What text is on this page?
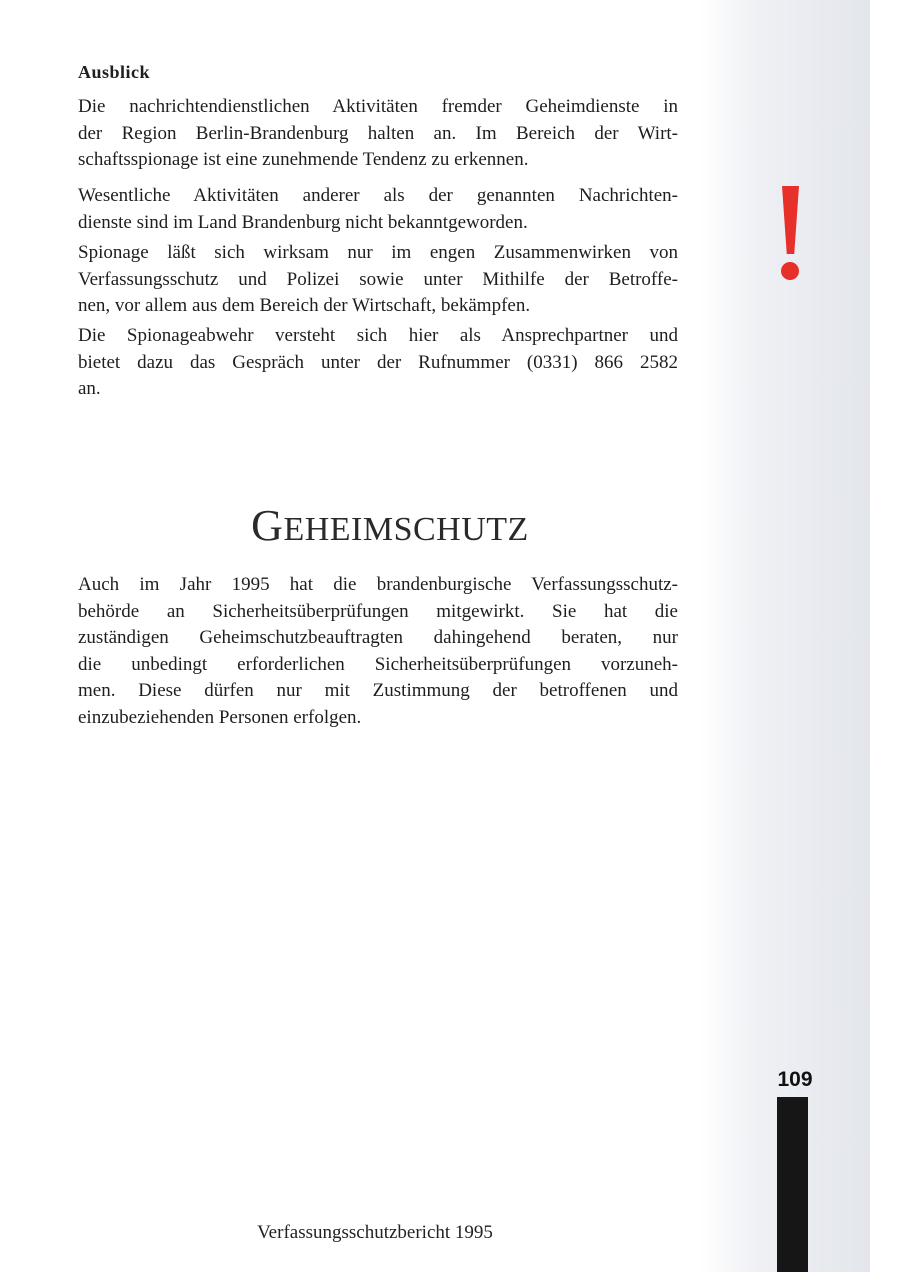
Ausblick

Die nachrichtendienstlichen Aktivitäten fremder Geheimdienste in
der Region Berlin-Brandenburg halten an. Im Bereich der Wirt-
schaftsspionage ist eine zunehmende Tendenz zu erkennen.

Wesentliche Aktivitäten anderer als der genannten Nachrichten-
dienste sind im Land Brandenburg nicht bekanntgeworden.

Spionage läßt sich wirksam nur im engen Zusammenwirken von
Verfassungsschutz und Polizei sowie unter Mithilfe der Betroffe-
nen, vor allem aus dem Bereich der Wirtschaft, bekämpfen.

Die Spionageabwehr versteht sich hier als Ansprechpartner und
bietet dazu das Gespräch unter der Rufnummer (0331) 866 2582
an.

GEHEIMSCHUTZ

Auch im Jahr 1995 hat die brandenburgische Verfassungsschutz-
behörde an Sicherheitsüberprüfungen mitgewirkt. Sie hat die
zuständigen Geheimschutzbeauftragten dahingehend beraten, nur
die unbedingt erforderlichen Sicherheitsüberprüfungen vorzuneh-
men. Diese dürfen nur mit Zustimmung der betroffenen und
einzubeziehenden Personen erfolgen.

109
Verfassungsschutzbericht 1995
